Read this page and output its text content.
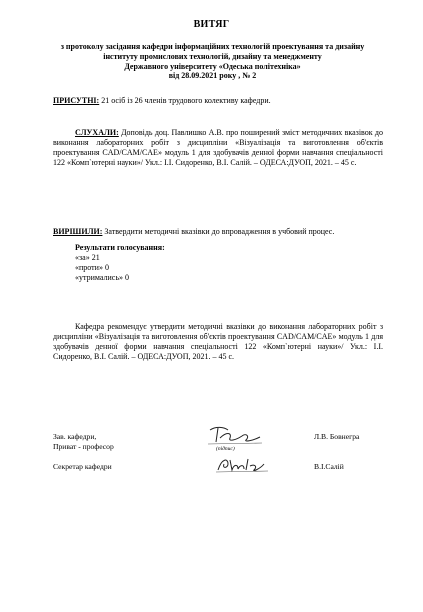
ВИТЯГ
з протоколу засідання кафедри інформаційних технологій проектування та дизайну
інституту промислових технологій, дизайну та менеджменту
Державного університету «Одеська політехніка»
від 28.09.2021 року , № 2
ПРИСУТНІ: 21 осіб із 26 членів трудового колективу кафедри.
СЛУХАЛИ: Доповідь доц. Павлишко А.В. про поширений зміст методичних вказівок до виконання лабораторних робіт з дисципліни «Візуалізація та виготовлення об'єктів проектування CAD/CAM/CAE» модуль 1 для здобувачів денної форми навчання спеціальності 122 «Комп`ютерні науки»/ Укл.: І.І. Сидоренко, В.І. Салій. – ОДЕСА:ДУОП, 2021. – 45 с.
ВИРІШИЛИ: Затвердити методичні вказівки до впровадження в учбовий процес.
Результати голосування:
«за» 21
«проти» 0
«утримались» 0
Кафедра рекомендує утвердити методичні вказівки до виконання лабораторних робіт з дисципліни «Візуалізація та виготовлення об'єктів проектування CAD/CAM/CAE» модуль 1 для здобувачів денної форми навчання спеціальності 122 «Комп`ютерні науки»/ Укл.: І.І. Сидоренко, В.І. Салій. – ОДЕСА:ДУОП, 2021. – 45 с.
Зав. кафедри,
Приват - професор	(підпис)
Л.В. Бовнегра
Секретар кафедри	В.І.Салій
